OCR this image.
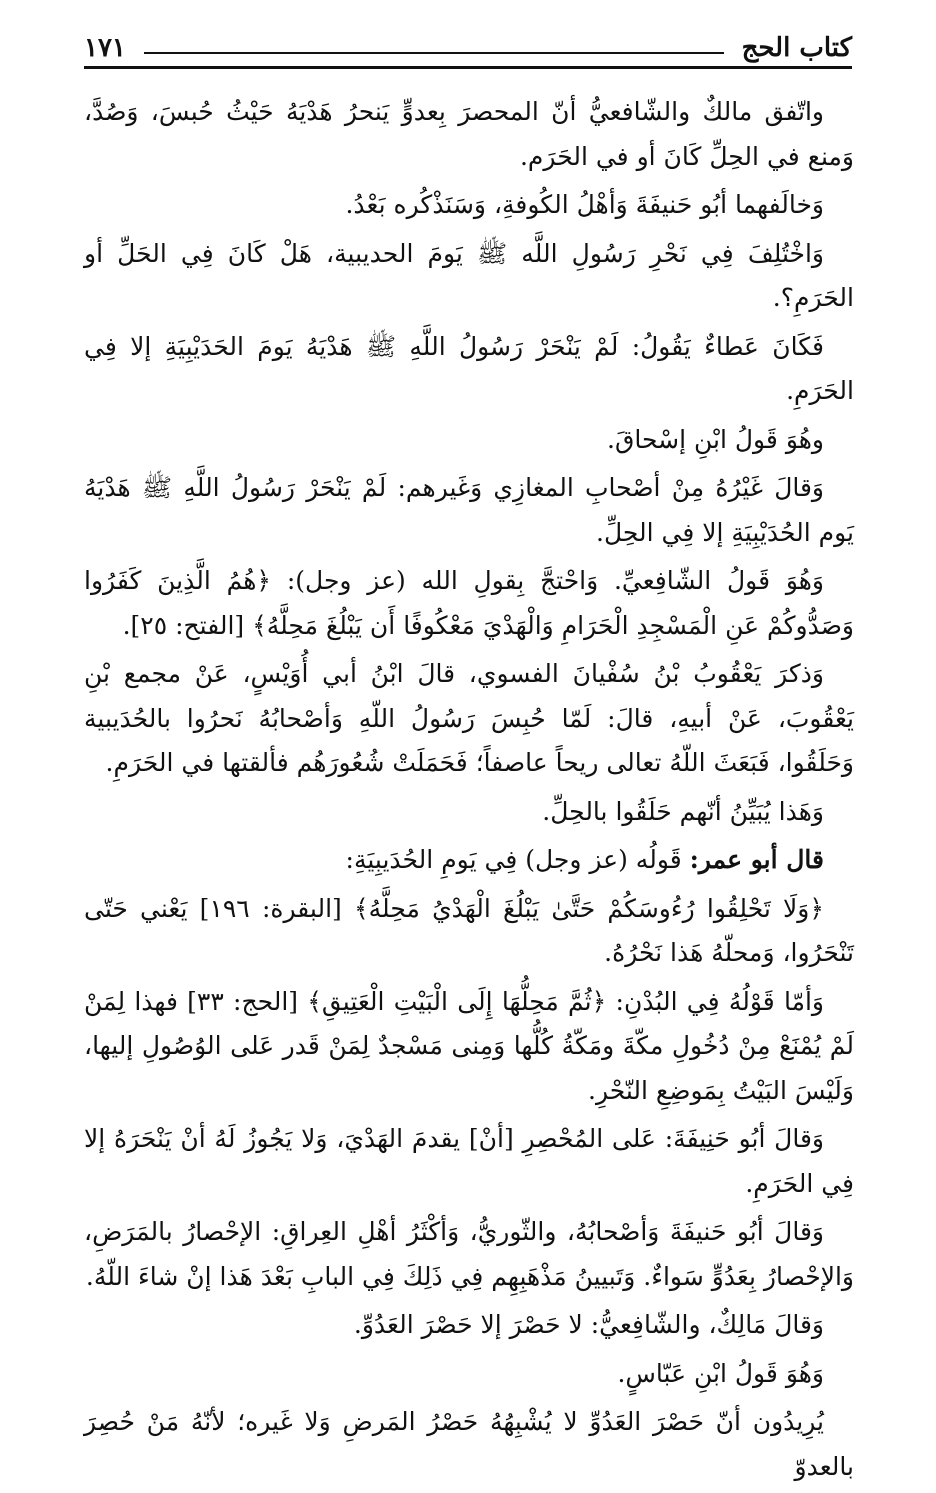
كتاب الحج
١٧١

واتّفق مالكٌ والشّافعيُّ أنّ المحصرَ بِعدوٍّ يَنحرُ هَدْيَهُ حَيْثُ حُبسَ، وَصُدَّ، وَمنع في الحِلِّ كَانَ أو في الحَرَم.

وَخالَفهما أبُو حَنيفَةَ وَأهْلُ الكُوفةِ، وَسَنَذْكُره بَعْدُ.

وَاخْتُلِفَ فِي نَحْرِ رَسُولِ اللَّه ﷺ يَومَ الحديبية، هَلْ كَانَ فِي الحَلِّ أو الحَرَمِ؟.

فَكَانَ عَطاءٌ يَقُولُ: لَمْ يَنْحَرْ رَسُولُ اللَّهِ ﷺ هَدْيَهُ يَومَ الحَدَيْبِيَةِ إلا فِي الحَرَمِ.

وهُوَ قَولُ ابْنِ إسْحاقَ.

وَقالَ غَيْرُهُ مِنْ أصْحابِ المغازِي وَغَيرهم: لَمْ يَنْحَرْ رَسُولُ اللَّهِ ﷺ هَدْيَهُ يَوم الحُدَيْبِيَةِ إلا فِي الحِلِّ.

وَهُوَ قَولُ الشّافِعيِّ. وَاحْتجَّ بِقولِ الله (عز وجل): ﴿هُمُ الَّذِينَ كَفَرُوا وَصَدُّوكُمْ عَنِ الْمَسْجِدِ الْحَرَامِ وَالْهَدْيَ مَعْكُوفًا أَن يَبْلُغَ مَحِلَّهُ﴾ [الفتح: ٢٥].

وَذكرَ يَعْقُوبُ بْنُ سُفْيانَ الفسوي، قالَ ابْنُ أبي أُوَيْسٍ، عَنْ مجمع بْنِ يَعْقُوبَ، عَنْ أبيهِ، قالَ: لَمّا حُبِسَ رَسُولُ اللّهِ وَأصْحابُهُ نَحرُوا بالحُدَيبية وَحَلَقُوا، فَبَعَثَ اللّهُ تعالى ريحاً عاصفاً؛ فَحَمَلَتْ شُعُورَهُم فألقتها في الحَرَمِ.

وَهَذا يُبَيِّنُ أنّهم حَلَقُوا بالحِلِّ.

قال أبو عمر: قَولُه (عز وجل) فِي يَومِ الحُدَيبِيَةِ:

﴿وَلَا تَحْلِقُوا رُءُوسَكُمْ حَتَّىٰ يَبْلُغَ الْهَدْيُ مَحِلَّهُ﴾ [البقرة: ١٩٦] يَعْني حَتّى تَنْحَرُوا، وَمحلّهُ هَذا نَحْرُهُ.

وَأمّا قَوْلُهُ فِي البُدْنِ: ﴿ثُمَّ مَحِلُّهَا إِلَى الْبَيْتِ الْعَتِيقِ﴾ [الحج: ٣٣] فهذا لِمَنْ لَمْ يُمْنَعْ مِنْ دُخُولِ مكّةَ ومَكّةُ كُلُّها وَمِنى مَسْجدٌ لِمَنْ قَدر عَلى الوُصُولِ إليها، وَلَيْسَ البَيْتُ بِمَوضِعِ النّحْرِ.

وَقالَ أبُو حَنِيفَةَ: عَلى المُحْصِرِ [أنْ] يقدمَ الهَدْيَ، وَلا يَجُوزُ لَهُ أنْ يَنْحَرَهُ إلا فِي الحَرَمِ.

وَقالَ أبُو حَنيفَةَ وَأصْحابُهُ، والثّوريُّ، وَأكْثَرُ أهْلِ العِراقِ: الإحْصارُ بالمَرَضِ، وَالإحْصارُ بِعَدُوٍّ سَواءٌ. وَتَبيينُ مَذْهَبِهِم فِي ذَلِكَ فِي البابِ بَعْدَ هَذا إنْ شاءَ اللّهُ.

وَقالَ مَالِكٌ، والشّافِعيُّ: لا حَصْرَ إلا حَصْرَ العَدُوِّ.

وَهُوَ قَولُ ابْنِ عَبّاسٍ.

يُرِيدُون أنّ حَصْرَ العَدُوِّ لا يُشْبِهُهُ حَصْرُ المَرضِ وَلا غَيره؛ لأنّهُ مَنْ حُصِرَ بالعدوّ
